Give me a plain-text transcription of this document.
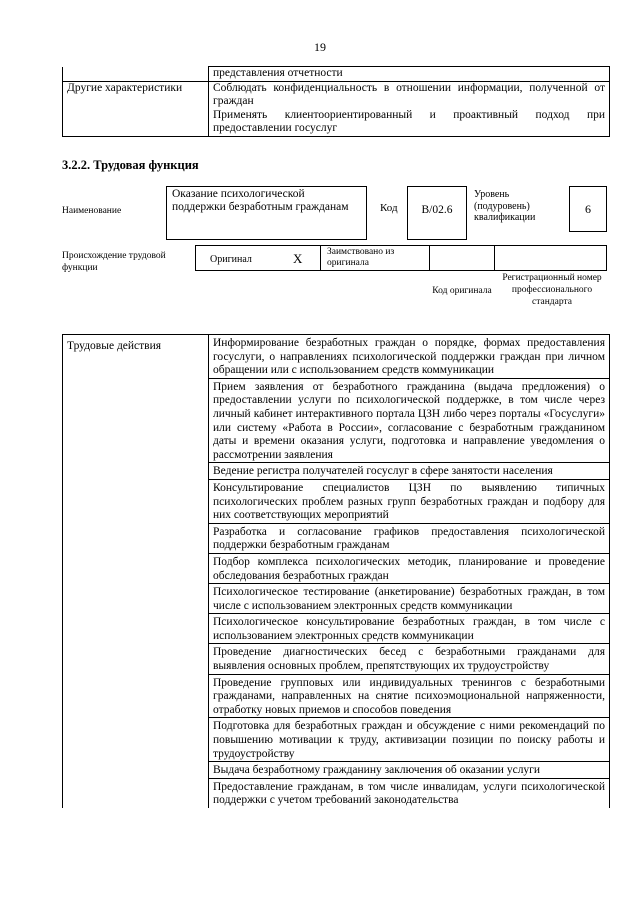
19
	представления отчетности
Другие характеристики	Соблюдать конфиденциальность в отношении информации, полученной от граждан
Применять клиентоориентированный и проактивный подход при предоставлении госуслуг
3.2.2. Трудовая функция
Наименование
Оказание психологической поддержки безработным гражданам	Код	B/02.6
Уровень (подуровень) квалификации
6
Происхождение трудовой функции
Оригинал	X	Заимствовано из оригинала
Код оригинала
Регистрационный номер профессионального стандарта
Трудовые действия	Информирование безработных граждан о порядке, формах предоставления госуслуги, о направлениях психологической поддержки граждан при личном обращении или с использованием средств коммуникации
Прием заявления от безработного гражданина (выдача предложения) о предоставлении услуги по психологической поддержке, в том числе через личный кабинет интерактивного портала ЦЗН либо через порталы «Госуслуги» или систему «Работа в России», согласование с безработным гражданином даты и времени оказания услуги, подготовка и направление уведомления о рассмотрении заявления
Ведение регистра получателей госуслуг в сфере занятости населения
Консультирование специалистов ЦЗН по выявлению типичных психологических проблем разных групп безработных граждан и подбору для них соответствующих мероприятий
Разработка и согласование графиков предоставления психологической поддержки безработным гражданам
Подбор комплекса психологических методик, планирование и проведение обследования безработных граждан
Психологическое тестирование (анкетирование) безработных граждан, в том числе с использованием электронных средств коммуникации
Психологическое консультирование безработных граждан, в том числе с использованием электронных средств коммуникации
Проведение диагностических бесед с безработными гражданами для выявления основных проблем, препятствующих их трудоустройству
Проведение групповых или индивидуальных тренингов с безработными гражданами, направленных на снятие психоэмоциональной напряженности, отработку новых приемов и способов поведения
Подготовка для безработных граждан и обсуждение с ними рекомендаций по повышению мотивации к труду, активизации позиции по поиску работы и трудоустройству
Выдача безработному гражданину заключения об оказании услуги
Предоставление гражданам, в том числе инвалидам, услуги психологической поддержки с учетом требований законодательства
